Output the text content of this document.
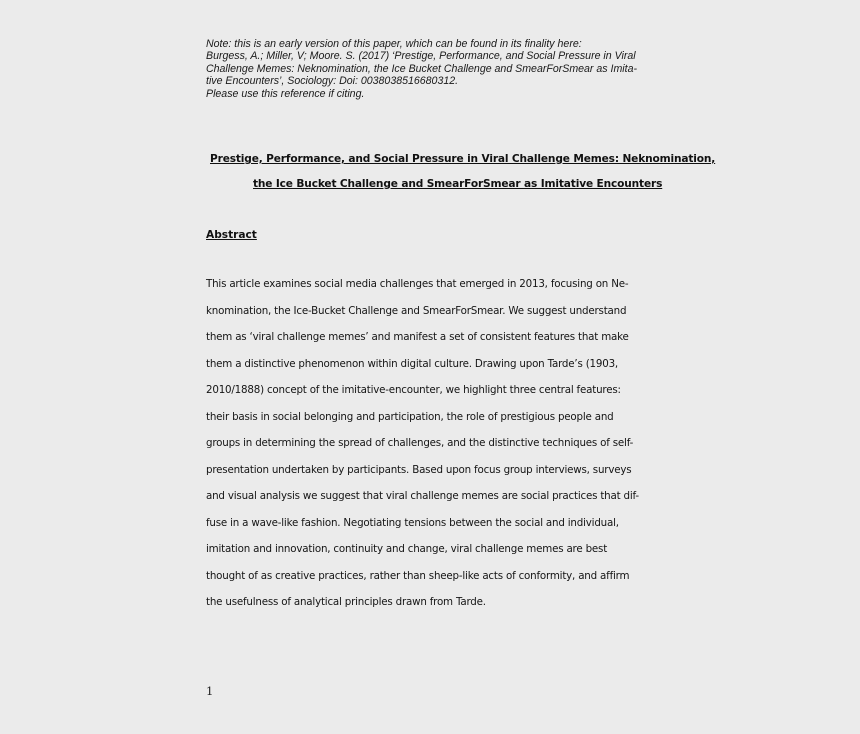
Note: this is an early version of this paper, which can be found in its finality here:
Burgess, A.; Miller, V; Moore. S. (2017) ‘Prestige, Performance, and Social Pressure in Viral
Challenge Memes: Neknomination, the Ice Bucket Challenge and SmearForSmear as Imita-
tive Encounters’, Sociology: Doi: 0038038516680312.
Please use this reference if citing.
Prestige, Performance, and Social Pressure in Viral Challenge Memes: Neknomination,
the Ice Bucket Challenge and SmearForSmear as Imitative Encounters
Abstract
This article examines social media challenges that emerged in 2013, focusing on Ne-
knomination, the Ice-Bucket Challenge and SmearForSmear. We suggest understand
them as ‘viral challenge memes’ and manifest a set of consistent features that make
them a distinctive phenomenon within digital culture. Drawing upon Tarde’s (1903,
2010/1888) concept of the imitative-encounter, we highlight three central features:
their basis in social belonging and participation, the role of prestigious people and
groups in determining the spread of challenges, and the distinctive techniques of self-
presentation undertaken by participants. Based upon focus group interviews, surveys
and visual analysis we suggest that viral challenge memes are social practices that dif-
fuse in a wave-like fashion. Negotiating tensions between the social and individual,
imitation and innovation, continuity and change, viral challenge memes are best
thought of as creative practices, rather than sheep-like acts of conformity, and affirm
the usefulness of analytical principles drawn from Tarde.
1
